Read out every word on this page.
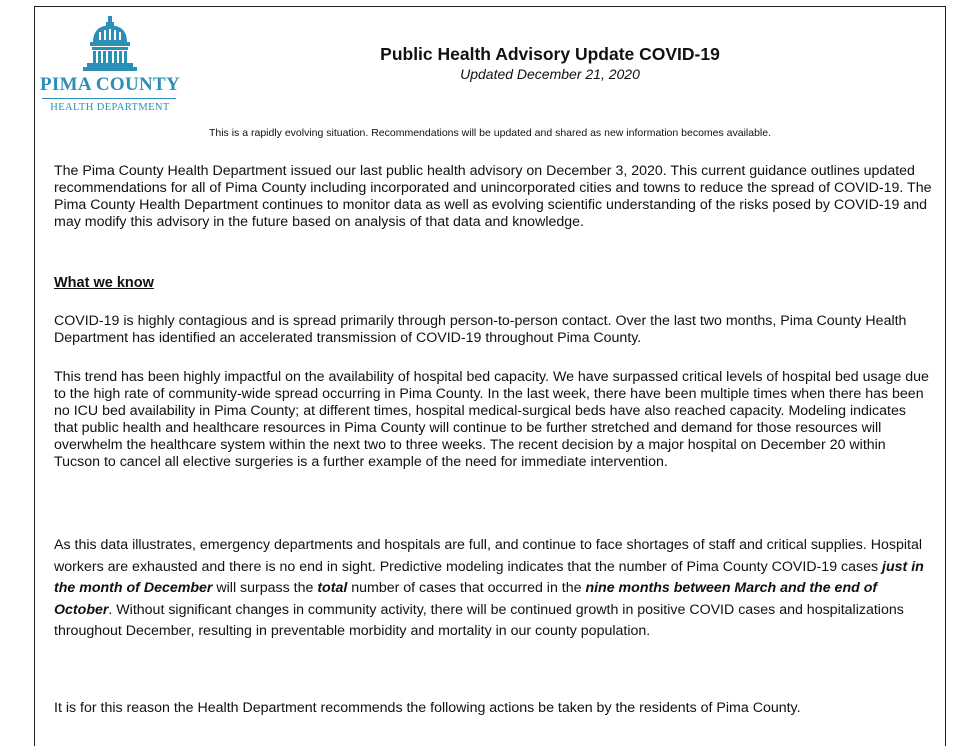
PIMA COUNTY
HEALTH DEPARTMENT
Public Health Advisory Update COVID-19
Updated December 21, 2020
This is a rapidly evolving situation. Recommendations will be updated and shared as new information becomes available.

The Pima County Health Department issued our last public health advisory on December 3, 2020. This current guidance outlines updated recommendations for all of Pima County including incorporated and unincorporated cities and towns to reduce the spread of COVID-19. The Pima County Health Department continues to monitor data as well as evolving scientific understanding of the risks posed by COVID-19 and may modify this advisory in the future based on analysis of that data and knowledge.

What we know

COVID-19 is highly contagious and is spread primarily through person-to-person contact. Over the last two months, Pima County Health Department has identified an accelerated transmission of COVID-19 throughout Pima County.

This trend has been highly impactful on the availability of hospital bed capacity. We have surpassed critical levels of hospital bed usage due to the high rate of community-wide spread occurring in Pima County. In the last week, there have been multiple times when there has been no ICU bed availability in Pima County; at different times, hospital medical-surgical beds have also reached capacity. Modeling indicates that public health and healthcare resources in Pima County will continue to be further stretched and demand for those resources will overwhelm the healthcare system within the next two to three weeks. The recent decision by a major hospital on December 20 within Tucson to cancel all elective surgeries is a further example of the need for immediate intervention.

As this data illustrates, emergency departments and hospitals are full, and continue to face shortages of staff and critical supplies. Hospital workers are exhausted and there is no end in sight. Predictive modeling indicates that the number of Pima County COVID-19 cases just in the month of December will surpass the total number of cases that occurred in the nine months between March and the end of October. Without significant changes in community activity, there will be continued growth in positive COVID cases and hospitalizations throughout December, resulting in preventable morbidity and mortality in our county population.

It is for this reason the Health Department recommends the following actions be taken by the residents of Pima County.
